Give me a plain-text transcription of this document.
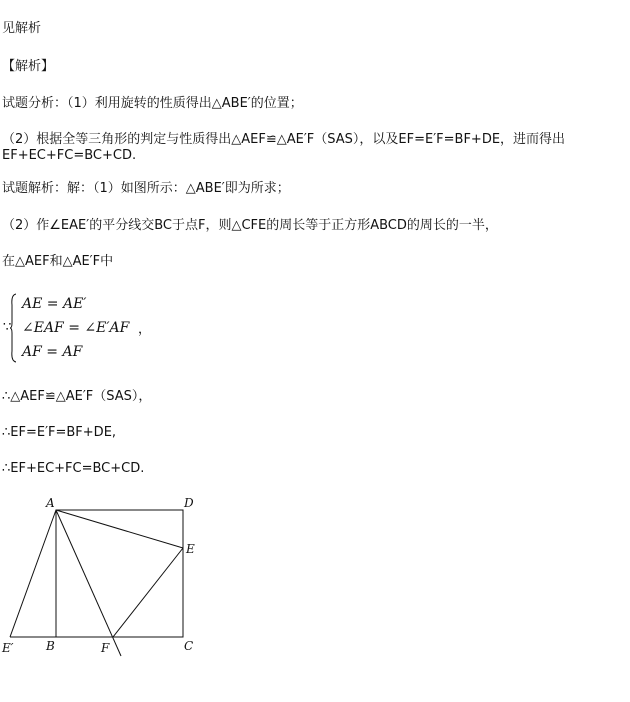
见解析
【解析】
试题分析：（1）利用旋转的性质得出△ABE′的位置；
（2）根据全等三角形的判定与性质得出△AEF≌△AE′F（SAS），以及EF=E′F=BF+DE，进而得出
EF+EC+FC=BC+CD.
试题解析：解：（1）如图所示：△ABE′即为所求；
（2）作∠EAE′的平分线交BC于点F，则△CFE的周长等于正方形ABCD的周长的一半，
在△AEF和△AE′F中
∵
AE = AE′
∠EAF = ∠E′AF
AF = AF
，
∴△AEF≌△AE′F（SAS），
∴EF=E′F=BF+DE,
∴EF+EC+FC=BC+CD.
A	D
E
E′	B	F	C
